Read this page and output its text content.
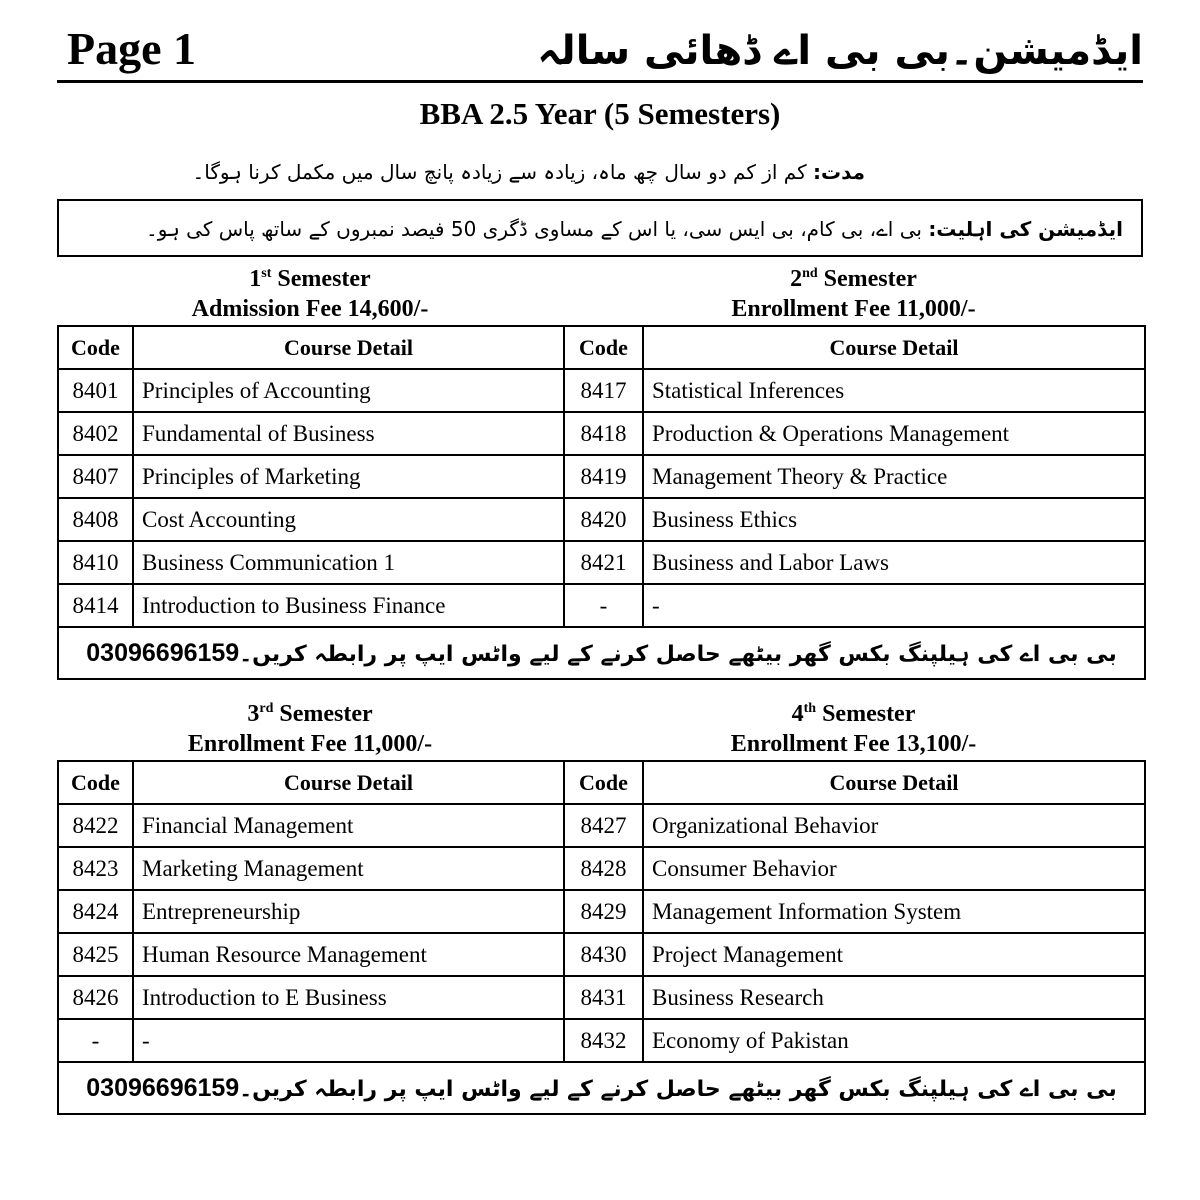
Page 1	ایڈمیشن۔بی بی اے ڈھائی سالہ
BBA 2.5 Year (5 Semesters)
مدت: کم از کم دو سال چھ ماہ، زیادہ سے زیادہ پانچ سال میں مکمل کرنا ہوگا۔
ایڈمیشن کی اہلیت: بی اے، بی کام، بی ایس سی، یا اس کے مساوی ڈگری 50 فیصد نمبروں کے ساتھ پاس کی ہو۔
1st Semester
Admission Fee 14,600/-
2nd Semester
Enrollment Fee 11,000/-
Code	Course Detail	Code	Course Detail
8401	Principles of Accounting	8417	Statistical Inferences
8402	Fundamental of Business	8418	Production & Operations Management
8407	Principles of Marketing	8419	Management Theory & Practice
8408	Cost Accounting	8420	Business Ethics
8410	Business Communication 1	8421	Business and Labor Laws
8414	Introduction to Business Finance	-	-
بی بی اے کی ہیلپنگ بکس گھر بیٹھے حاصل کرنے کے لیے واٹس ایپ پر رابطہ کریں۔03096696159			
3rd Semester
Enrollment Fee 11,000/-
4th Semester
Enrollment Fee 13,100/-
Code	Course Detail	Code	Course Detail
8422	Financial Management	8427	Organizational Behavior
8423	Marketing Management	8428	Consumer Behavior
8424	Entrepreneurship	8429	Management Information System
8425	Human Resource Management	8430	Project Management
8426	Introduction to E Business	8431	Business Research
-	-	8432	Economy of Pakistan
بی بی اے کی ہیلپنگ بکس گھر بیٹھے حاصل کرنے کے لیے واٹس ایپ پر رابطہ کریں۔03096696159			
